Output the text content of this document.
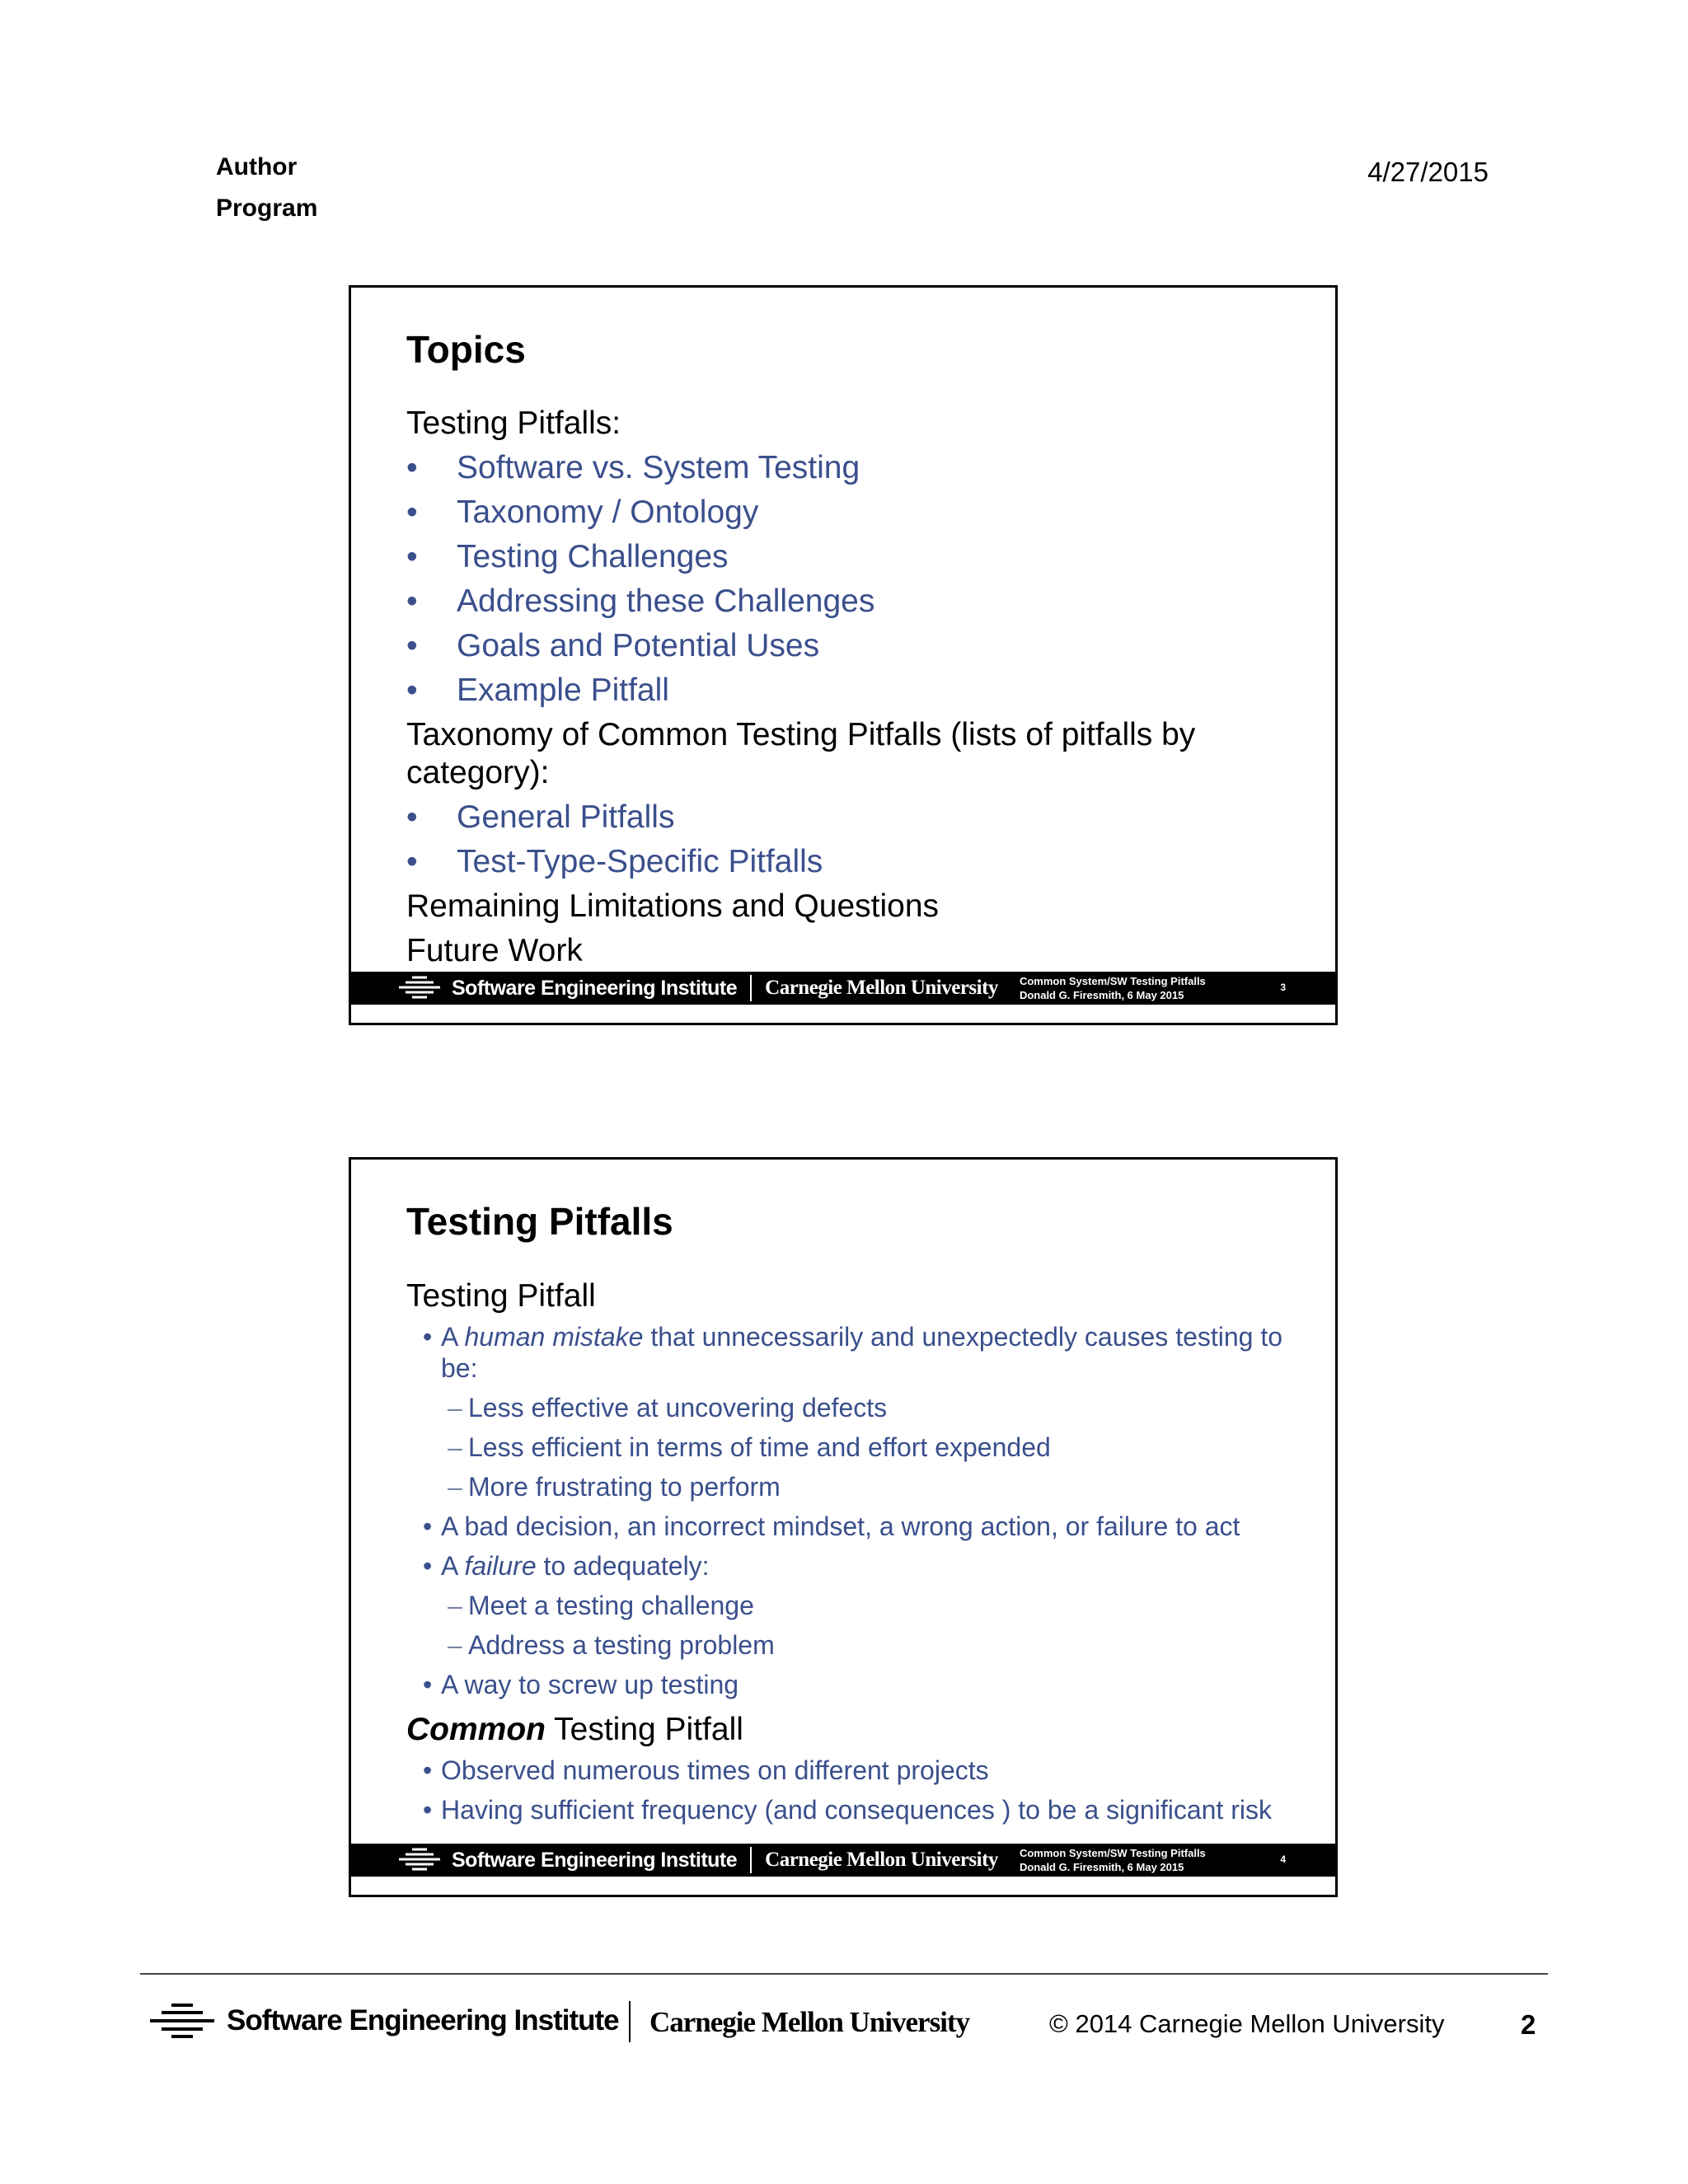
Author
Program
4/27/2015
Topics
Testing Pitfalls:
• Software vs. System Testing
• Taxonomy / Ontology
• Testing Challenges
• Addressing these Challenges
• Goals and Potential Uses
• Example Pitfall
Taxonomy of Common Testing Pitfalls (lists of pitfalls by category):
• General Pitfalls
• Test-Type-Specific Pitfalls
Remaining Limitations and Questions
Future Work
Software Engineering Institute Carnegie Mellon University Common System/SW Testing Pitfalls
Donald G. Firesmith, 6 May 2015
3
Testing Pitfalls
Testing Pitfall
• A human mistake that unnecessarily and unexpectedly causes testing to be:
– Less effective at uncovering defects
– Less efficient in terms of time and effort expended
– More frustrating to perform
• A bad decision, an incorrect mindset, a wrong action, or failure to act
• A failure to adequately:
– Meet a testing challenge
– Address a testing problem
• A way to screw up testing
Common Testing Pitfall
• Observed numerous times on different projects
• Having sufficient frequency (and consequences ) to be a significant risk
Software Engineering Institute Carnegie Mellon University Common System/SW Testing Pitfalls
Donald G. Firesmith, 6 May 2015
4
Software Engineering Institute Carnegie Mellon University	© 2014 Carnegie Mellon University	2
